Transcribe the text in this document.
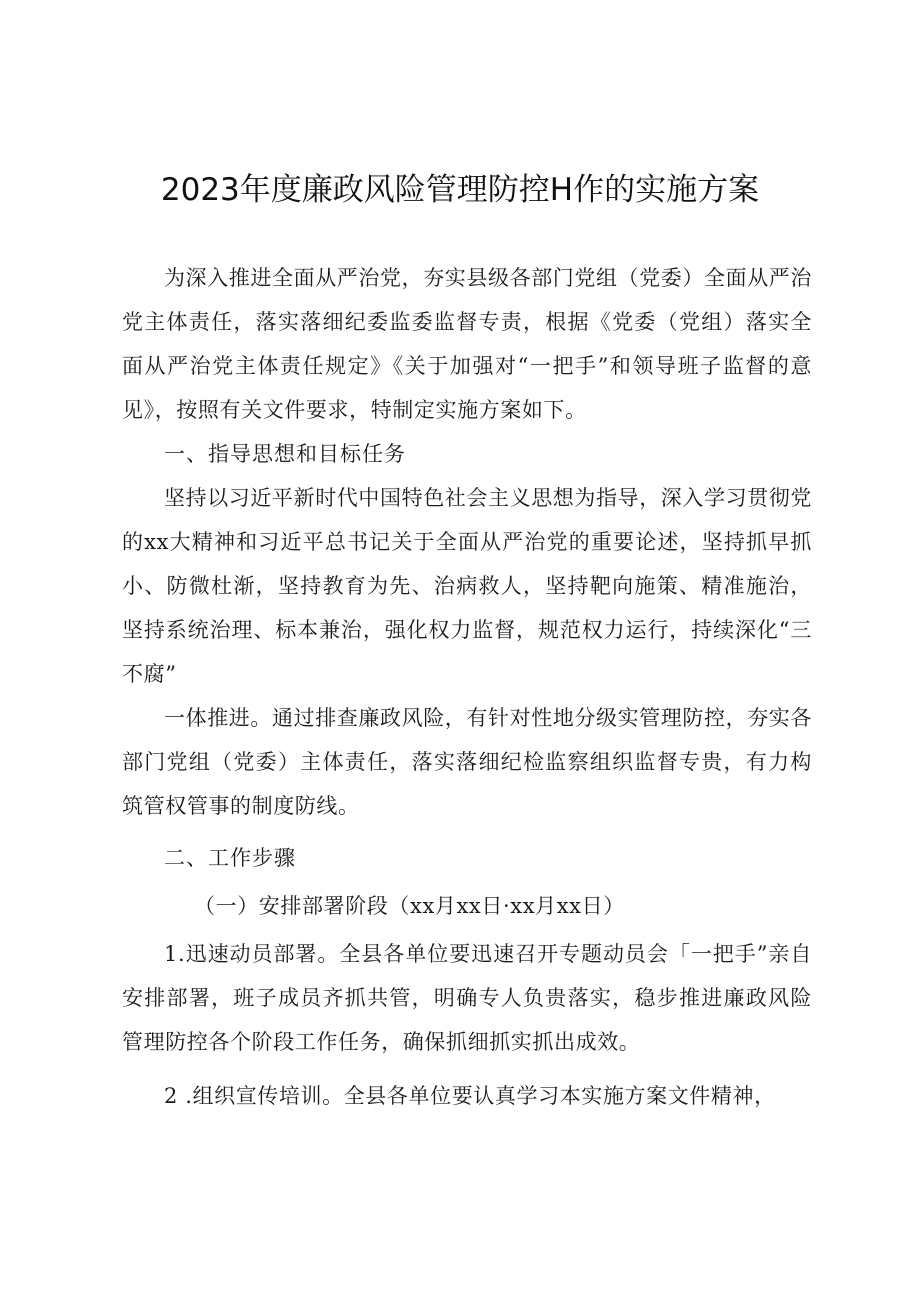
2023年度廉政风险管理防控H作的实施方案

为深入推进全面从严治党，夯实县级各部门党组（党委）全面从严治党主体责任，落实落细纪委监委监督专责，根据《党委（党组）落实全面从严治党主体责任规定》《关于加强对“一把手”和领导班子监督的意见》，按照有关文件要求，特制定实施方案如下。

一、指导思想和目标任务

坚持以习近平新时代中国特色社会主义思想为指导，深入学习贯彻党的xx大精神和习近平总书记关于全面从严治党的重要论述，坚持抓早抓小、防微杜渐，坚持教育为先、治病救人，坚持靶向施策、精准施治，坚持系统治理、标本兼治，强化权力监督，规范权力运行，持续深化“三不腐”

一体推进。通过排查廉政风险，有针对性地分级实管理防控，夯实各部门党组（党委）主体责任，落实落细纪检监察组织监督专贵，有力构筑管权管事的制度防线。

二、工作步骤

（一）安排部署阶段（xx月xx日·xx月xx日）

1.迅速动员部署。全县各单位要迅速召开专题动员会「一把手”亲自安排部署，班子成员齐抓共管，明确专人负贵落实，稳步推进廉政风险管理防控各个阶段工作任务，确保抓细抓实抓出成效。

2 .组织宣传培训。全县各单位要认真学习本实施方案文件精神，
